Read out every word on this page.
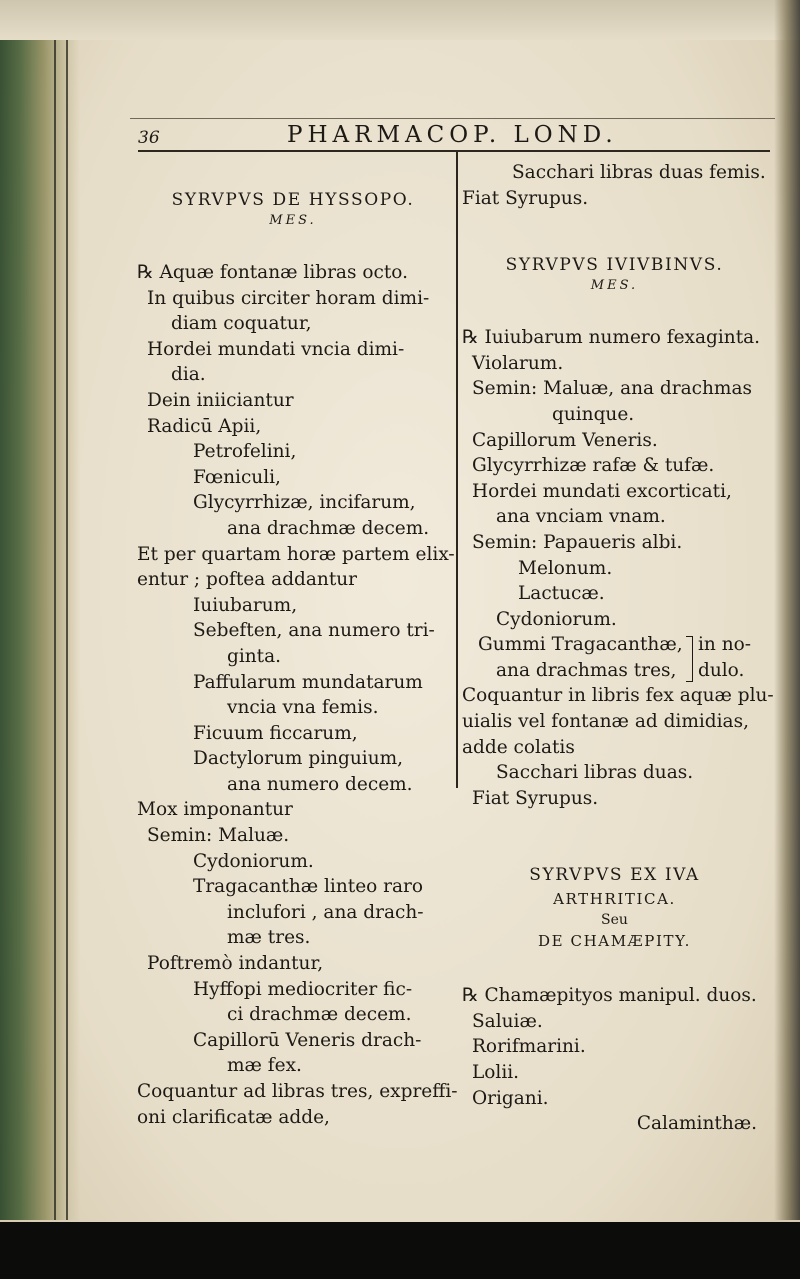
36	PHARMACOP. LOND.
SYRVPVS DE HYSSOPO.
MES.
℞ Aquæ fontanæ libras octo.
In quibus circiter horam dimi-
diam coquatur,
Hordei mundati vncia dimi-
dia.
Dein iniiciantur
Radicū Apii,
Petrofelini,
Fœniculi,
Glycyrrhizæ, incifarum,
ana drachmæ decem.
Et per quartam horæ partem elix-
entur ; poftea addantur
Iuiubarum,
Sebeften, ana numero tri-
ginta.
Paffularum mundatarum
vncia vna femis.
Ficuum ficcarum,
Dactylorum pinguium,
ana numero decem.
Mox imponantur
Semin: Maluæ.
Cydoniorum.
Tragacanthæ linteo raro
inclufori , ana drach-
mæ tres.
Poftremò indantur,
Hyffopi mediocriter fic-
ci drachmæ decem.
Capillorū Veneris drach-
mæ fex.
Coquantur ad libras tres, expreffi-
oni clarificatæ adde,
Sacchari libras duas femis.
Fiat Syrupus.
SYRVPVS IVIVBINVS.
MES.
℞ Iuiubarum numero fexaginta.
Violarum.
Semin: Maluæ, ana drachmas
quinque.
Capillorum Veneris.
Glycyrrhizæ rafæ & tufæ.
Hordei mundati excorticati,
ana vnciam vnam.
Semin: Papaueris albi.
Melonum.
Lactucæ.
Cydoniorum.
Gummi Tragacanthæ,
ana drachmas tres,
in no-
dulo.
Coquantur in libris fex aquæ plu-
uialis vel fontanæ ad dimidias,
adde colatis
Sacchari libras duas.
Fiat Syrupus.
SYRVPVS EX IVA
ARTHRITICA.
Seu
DE CHAMÆPITY.
℞ Chamæpityos manipul. duos.
Saluiæ.
Rorifmarini.
Lolii.
Origani.
Calaminthæ.
